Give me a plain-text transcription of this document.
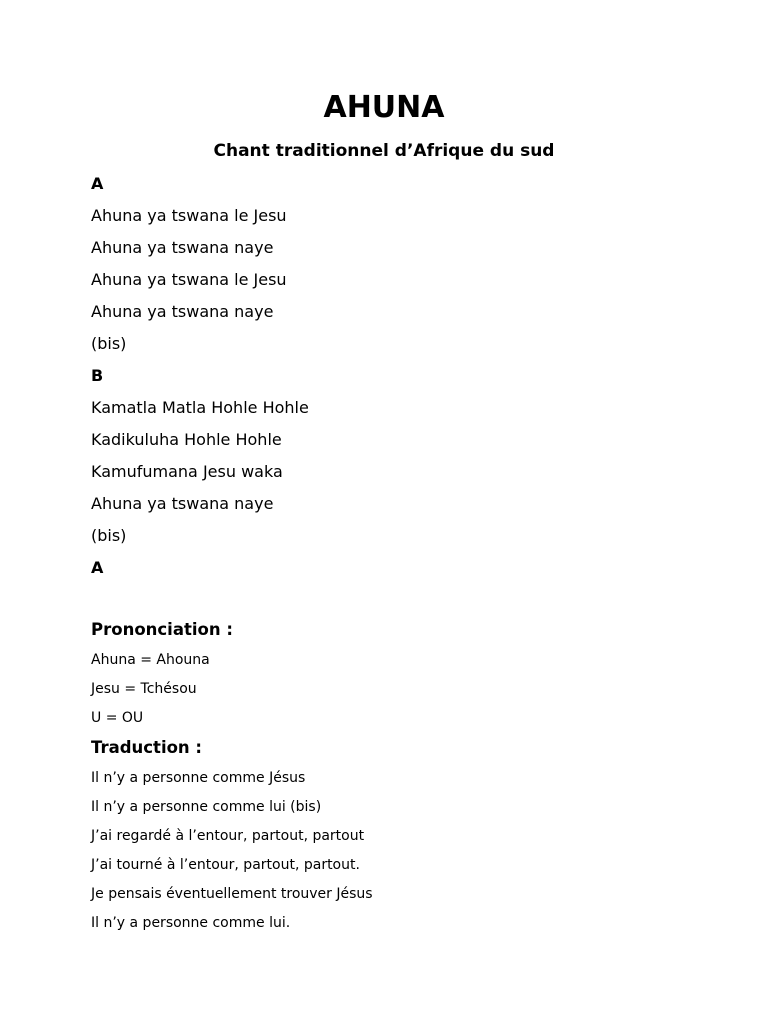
AHUNA
Chant traditionnel d’Afrique du sud
A
Ahuna ya tswana le Jesu
Ahuna ya tswana naye
Ahuna ya tswana le Jesu
Ahuna ya tswana naye
(bis)
B
Kamatla Matla Hohle Hohle
Kadikuluha Hohle Hohle
Kamufumana Jesu waka
Ahuna ya tswana naye
(bis)
A
Prononciation :
Ahuna = Ahouna
Jesu = Tchésou
U = OU
Traduction :
Il n’y a personne comme Jésus
Il n’y a personne comme lui (bis)
J’ai regardé à l’entour, partout, partout
J’ai tourné à l’entour, partout, partout.
Je pensais éventuellement trouver Jésus
Il n’y a personne comme lui.
